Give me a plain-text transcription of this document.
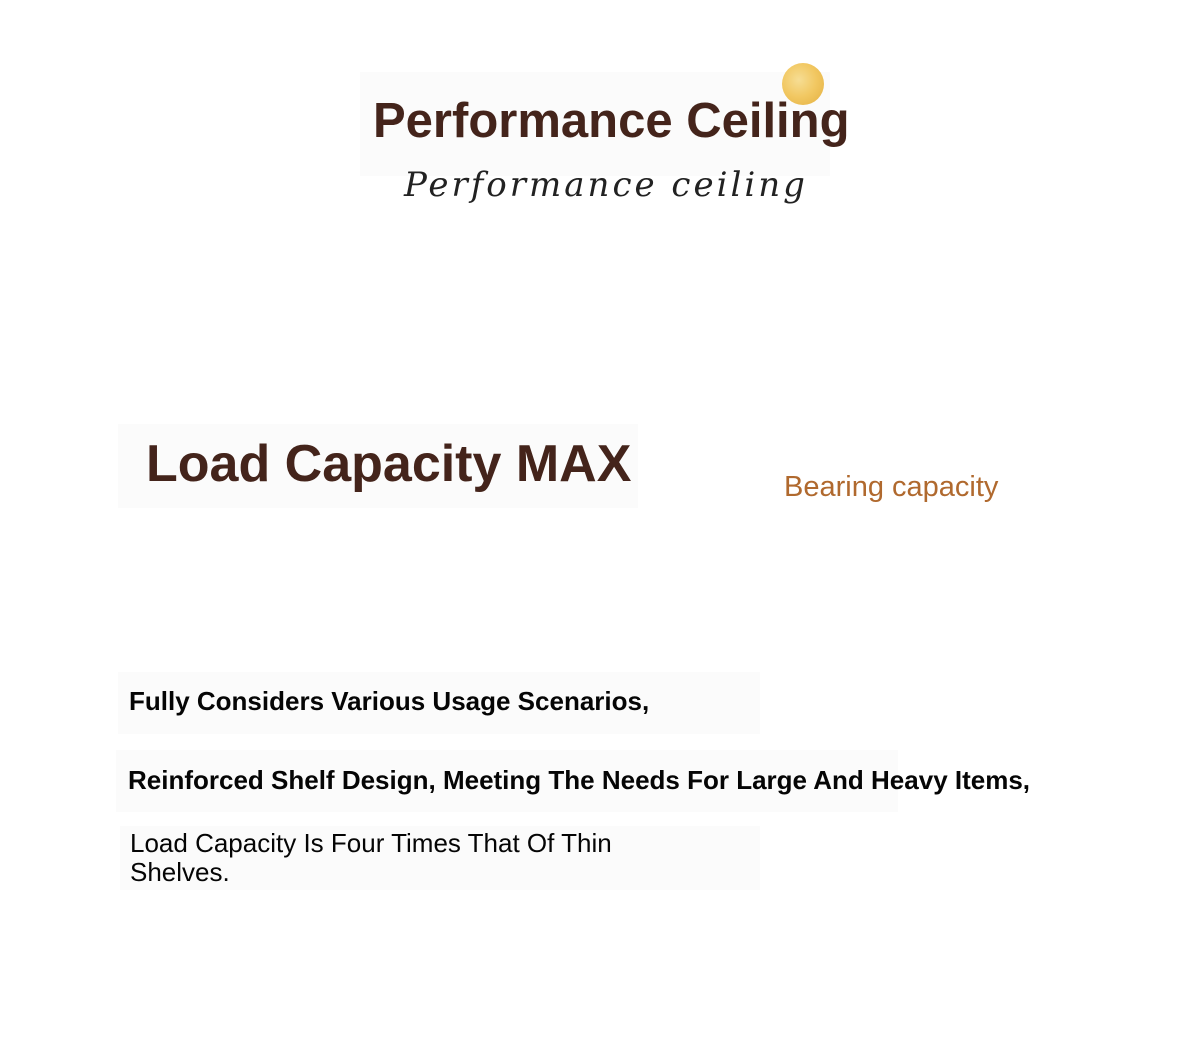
Performance Ceiling
Performance ceiling
Load Capacity MAX	Bearing capacity

Fully Considers Various Usage Scenarios,

Reinforced Shelf Design, Meeting The Needs For Large And Heavy Items,

Load Capacity Is Four Times That Of Thin Shelves.
